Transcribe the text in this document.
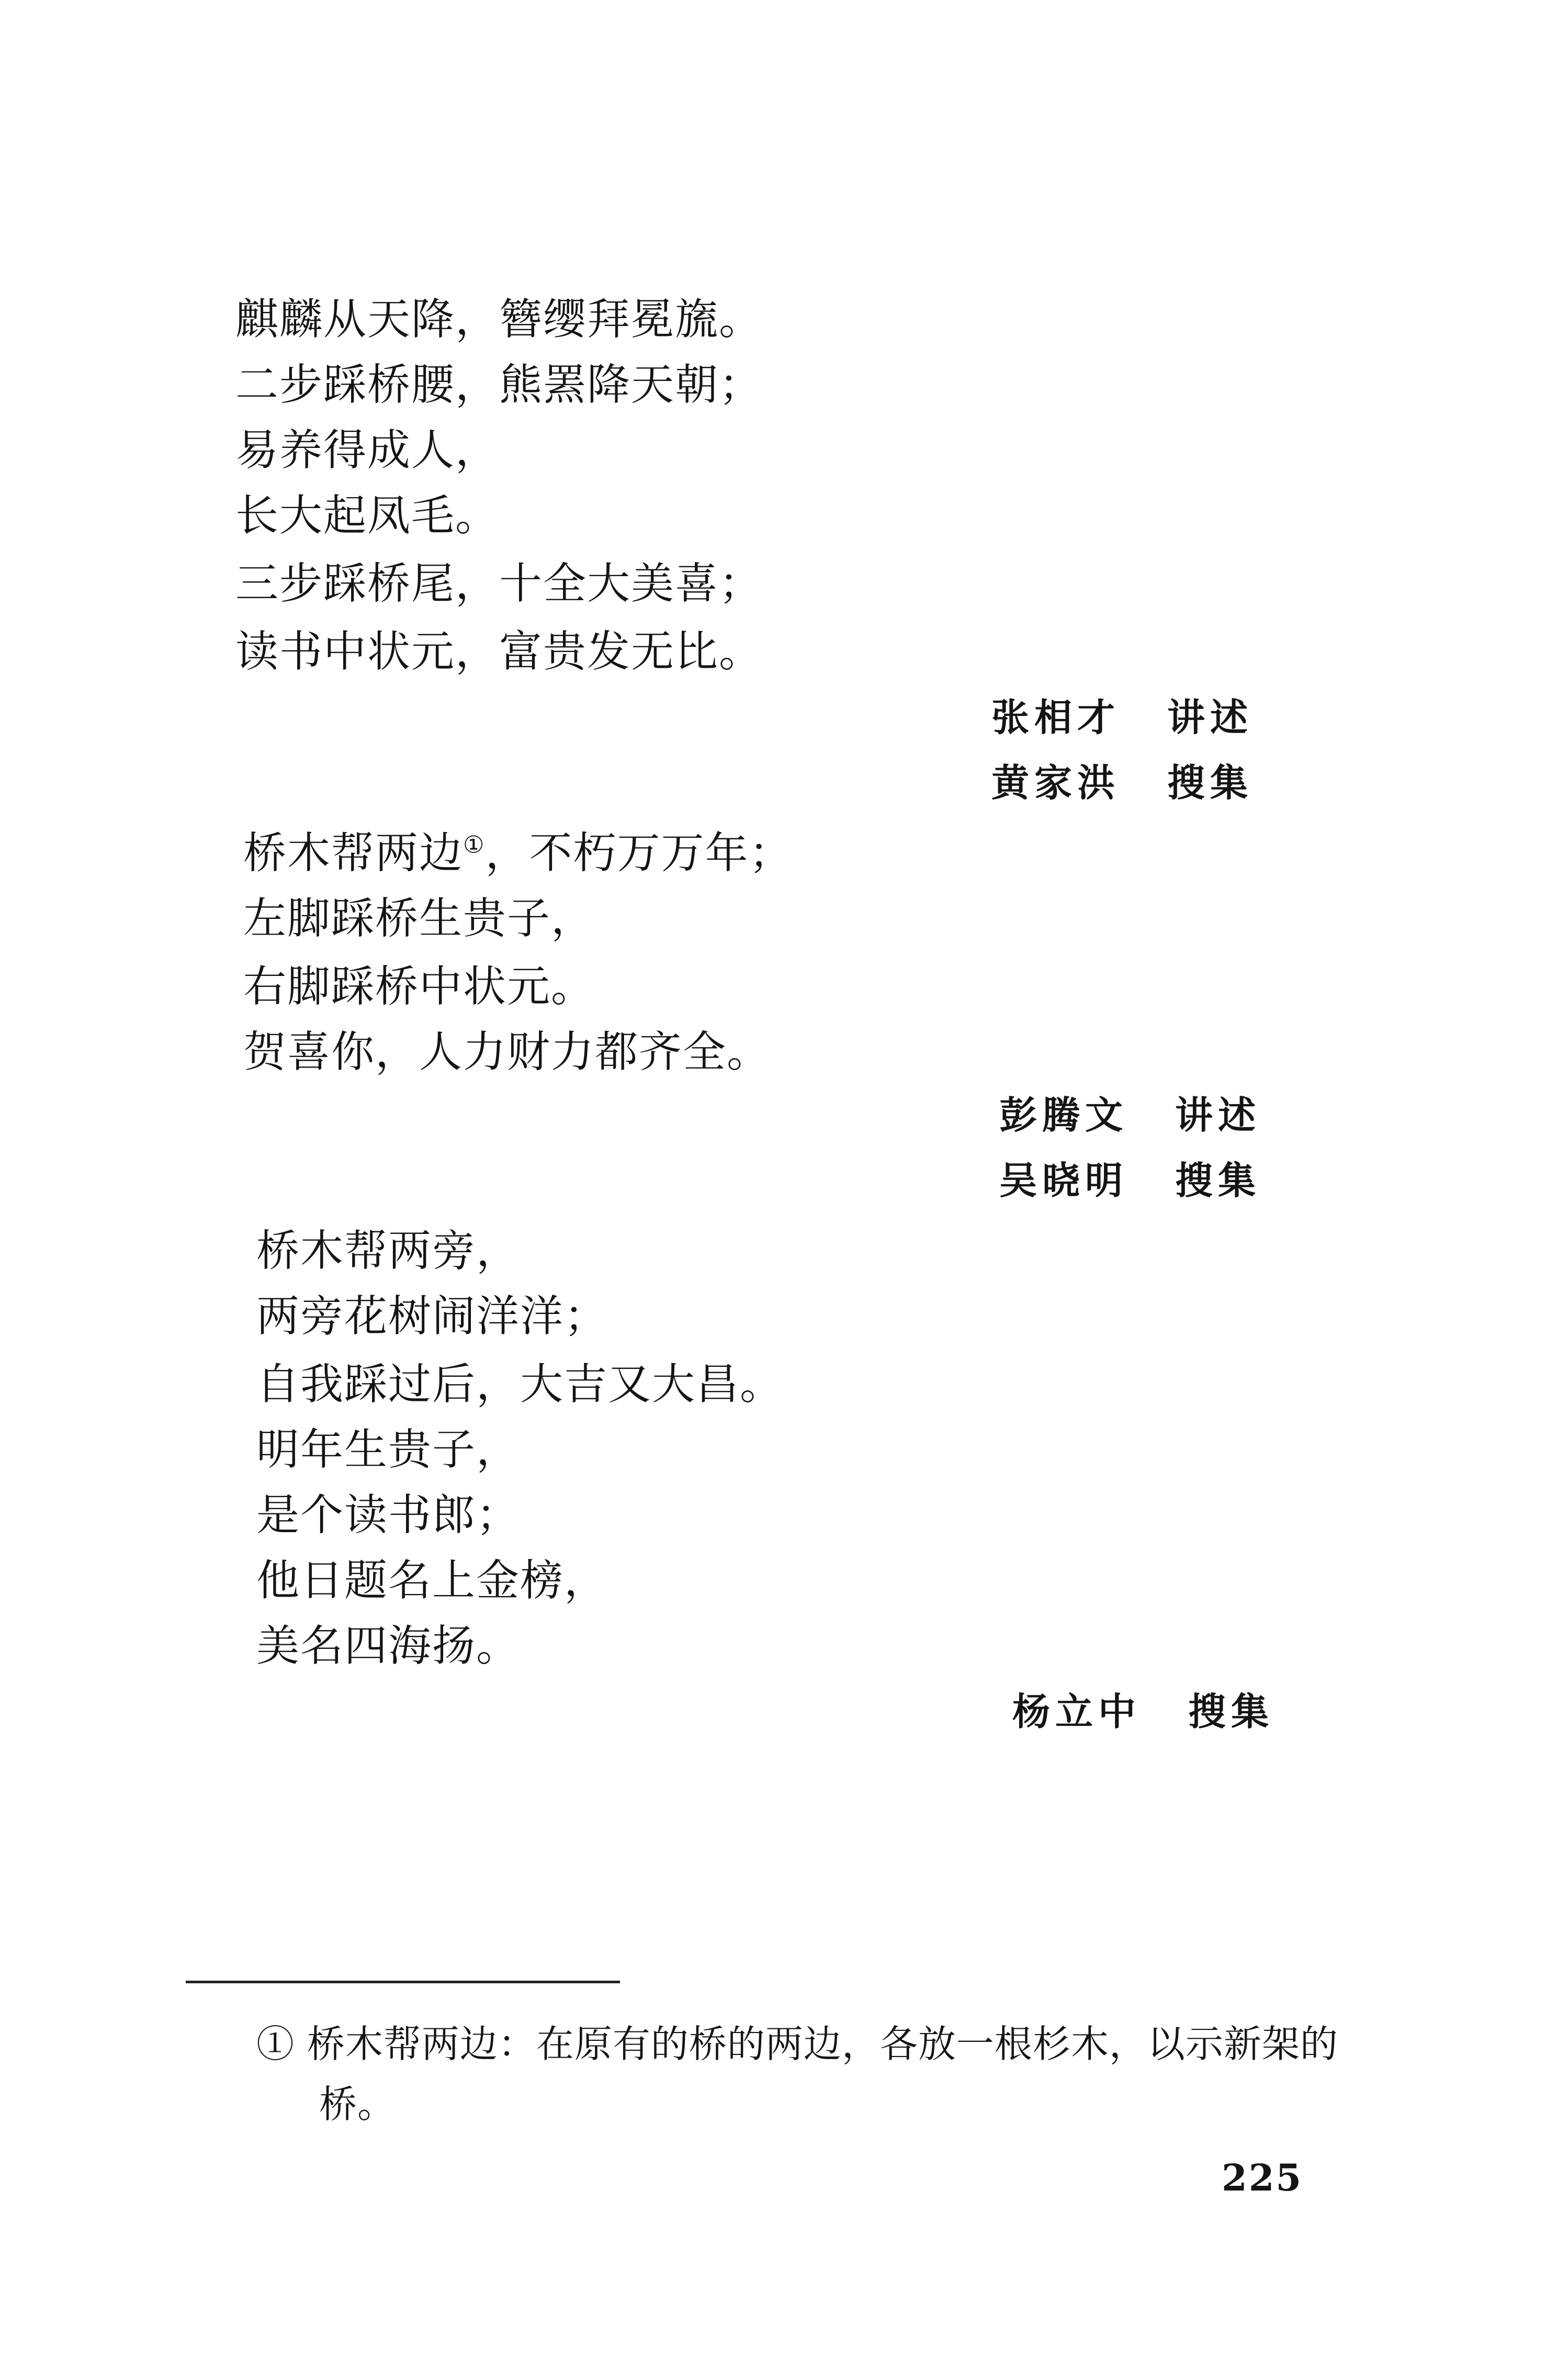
麒麟从天降，簪缨拜冕旒。
二步踩桥腰，熊罴降天朝；
易养得成人，
长大起凤毛。
三步踩桥尾，十全大美喜；
读书中状元，富贵发无比。
张相才 讲述
黄家洪 搜集
桥木帮两边①，不朽万万年；
左脚踩桥生贵子，
右脚踩桥中状元。
贺喜你，人力财力都齐全。
彭腾文 讲述
吴晓明 搜集
桥木帮两旁，
两旁花树闹洋洋；
自我踩过后，大吉又大昌。
明年生贵子，
是个读书郎；
他日题名上金榜，
美名四海扬。
杨立中 搜集
① 桥木帮两边：在原有的桥的两边，各放一根杉木，以示新架的
桥。
225
